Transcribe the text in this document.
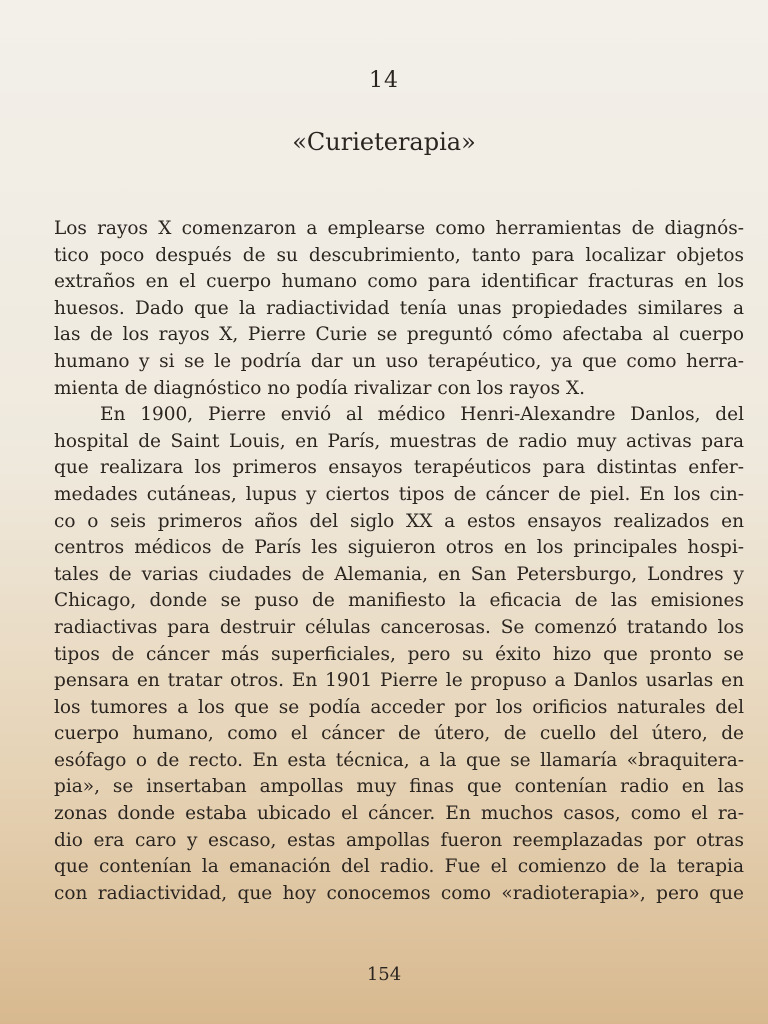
14
«Curieterapia»
Los rayos X comenzaron a emplearse como herramientas de diagnós-
tico poco después de su descubrimiento, tanto para localizar objetos
extraños en el cuerpo humano como para identificar fracturas en los
huesos. Dado que la radiactividad tenía unas propiedades similares a
las de los rayos X, Pierre Curie se preguntó cómo afectaba al cuerpo
humano y si se le podría dar un uso terapéutico, ya que como herra-
mienta de diagnóstico no podía rivalizar con los rayos X.
En 1900, Pierre envió al médico Henri-Alexandre Danlos, del
hospital de Saint Louis, en París, muestras de radio muy activas para
que realizara los primeros ensayos terapéuticos para distintas enfer-
medades cutáneas, lupus y ciertos tipos de cáncer de piel. En los cin-
co o seis primeros años del siglo XX a estos ensayos realizados en
centros médicos de París les siguieron otros en los principales hospi-
tales de varias ciudades de Alemania, en San Petersburgo, Londres y
Chicago, donde se puso de manifiesto la eficacia de las emisiones
radiactivas para destruir células cancerosas. Se comenzó tratando los
tipos de cáncer más superficiales, pero su éxito hizo que pronto se
pensara en tratar otros. En 1901 Pierre le propuso a Danlos usarlas en
los tumores a los que se podía acceder por los orificios naturales del
cuerpo humano, como el cáncer de útero, de cuello del útero, de
esófago o de recto. En esta técnica, a la que se llamaría «braquitera-
pia», se insertaban ampollas muy finas que contenían radio en las
zonas donde estaba ubicado el cáncer. En muchos casos, como el ra-
dio era caro y escaso, estas ampollas fueron reemplazadas por otras
que contenían la emanación del radio. Fue el comienzo de la terapia
con radiactividad, que hoy conocemos como «radioterapia», pero que
154
